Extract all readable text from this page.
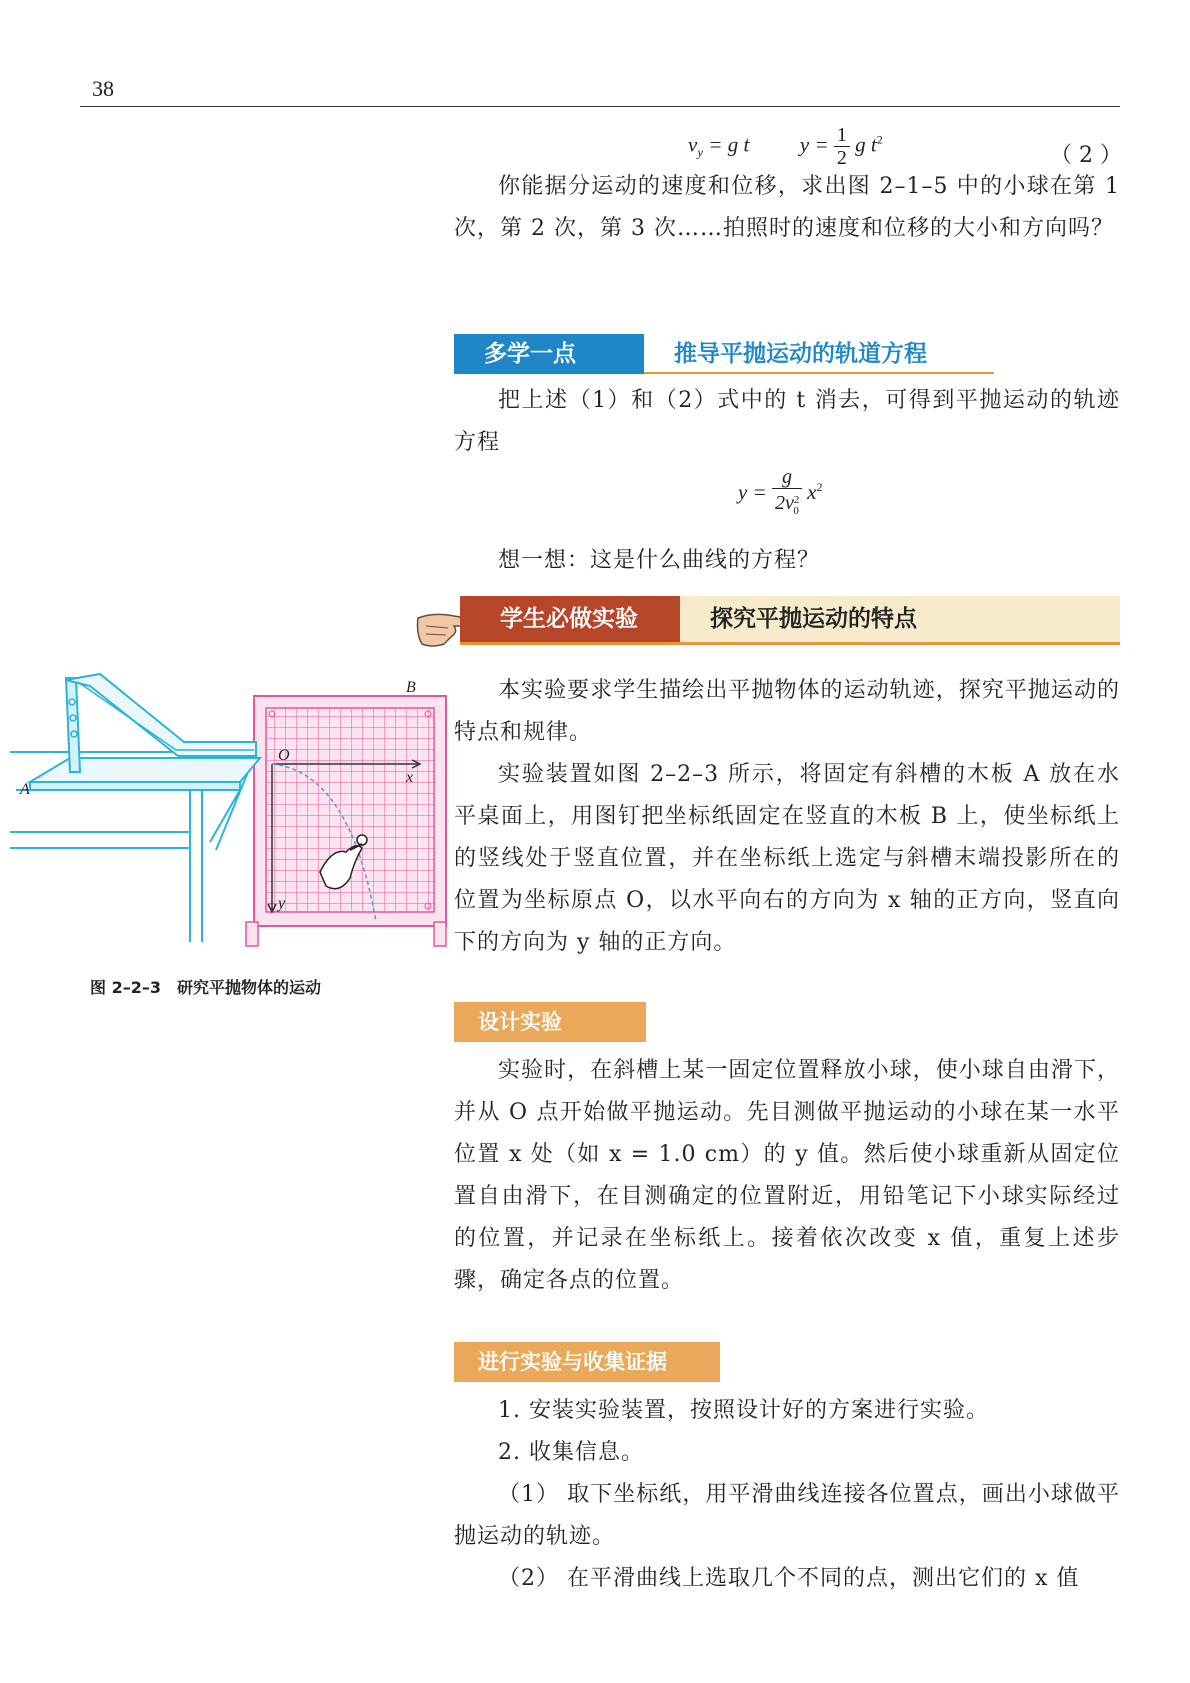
38
$v_y = g$ t $y = \frac{1}{2}$ g $t^2$
（ 2 ）

你能据分运动的速度和位移，求出图 2–1–5 中的小球在第 1 次，第 2 次，第 3 次……拍照时的速度和位移的大小和方向吗？

多学一点	推导平抛运动的轨道方程

把上述（1）和（2）式中的 t 消去，可得到平抛运动的轨迹方程

$y = \frac{g}{2v^2_0} x^2$

想一想：这是什么曲线的方程？

学生必做实验	探究平抛运动的特点

本实验要求学生描绘出平抛物体的运动轨迹，探究平抛运动的特点和规律。

实验装置如图 2–2–3 所示，将固定有斜槽的木板 A 放在水平桌面上，用图钉把坐标纸固定在竖直的木板 B 上，使坐标纸上的竖线处于竖直位置，并在坐标纸上选定与斜槽末端投影所在的位置为坐标原点 O，以水平向右的方向为 x 轴的正方向，竖直向下的方向为 y 轴的正方向。

A
B
O
x
y
图 2–2–3　研究平抛物体的运动
设计实验

实验时，在斜槽上某一固定位置释放小球，使小球自由滑下，并从 O 点开始做平抛运动。先目测做平抛运动的小球在某一水平位置 x 处（如 x = 1.0 cm）的 y 值。然后使小球重新从固定位置自由滑下，在目测确定的位置附近，用铅笔记下小球实际经过的位置，并记录在坐标纸上。接着依次改变 x 值，重复上述步骤，确定各点的位置。

进行实验与收集证据

1. 安装实验装置，按照设计好的方案进行实验。

2. 收集信息。

（1） 取下坐标纸，用平滑曲线连接各位置点，画出小球做平抛运动的轨迹。

（2） 在平滑曲线上选取几个不同的点，测出它们的 x 值
